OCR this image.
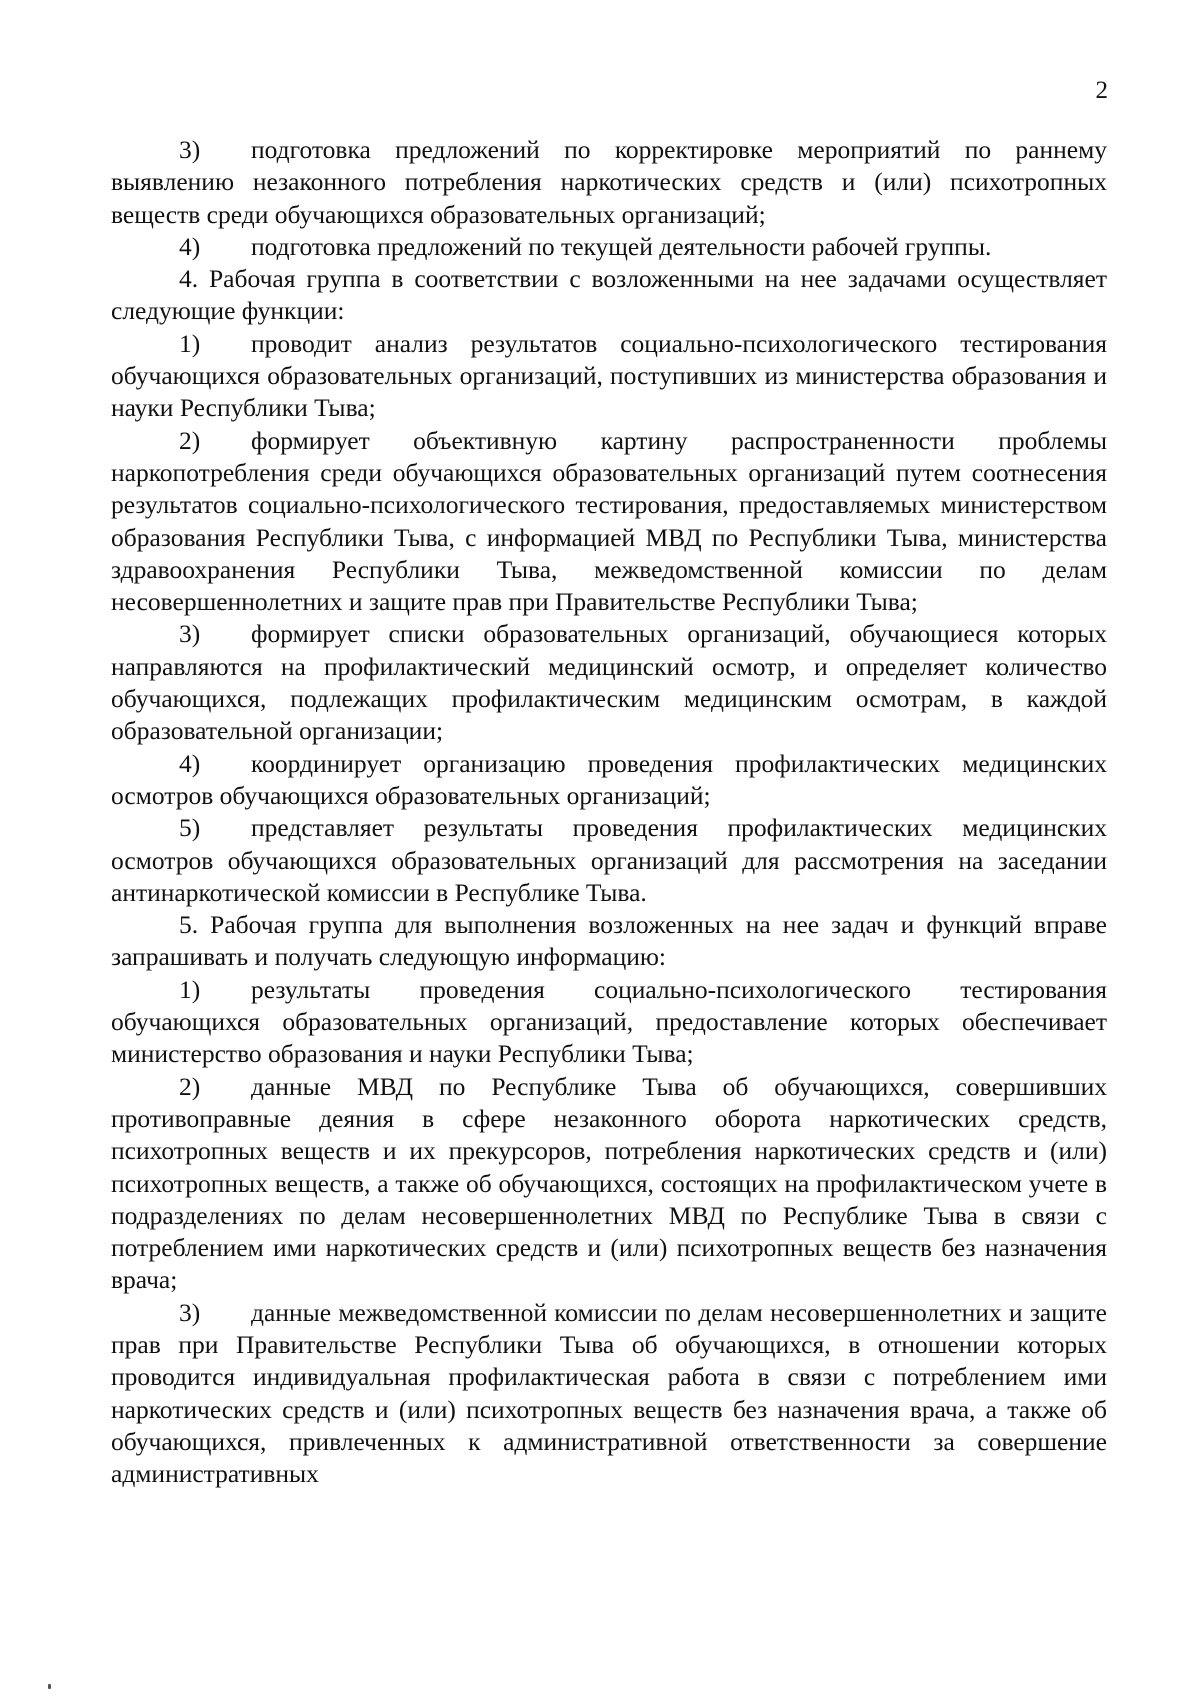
2

3) подготовка предложений по корректировке мероприятий по раннему выявлению незаконного потребления наркотических средств и (или) психотропных веществ среди обучающихся образовательных организаций;

4) подготовка предложений по текущей деятельности рабочей группы.

4. Рабочая группа в соответствии с возложенными на нее задачами осуществляет следующие функции:

1) проводит анализ результатов социально-психологического тестирования обучающихся образовательных организаций, поступивших из министерства образования и науки Республики Тыва;

2) формирует объективную картину распространенности проблемы наркопотребления среди обучающихся образовательных организаций путем соотнесения результатов социально-психологического тестирования, предоставляемых министерством образования Республики Тыва, с информацией МВД по Республики Тыва, министерства здравоохранения Республики Тыва, межведомственной комиссии по делам несовершеннолетних и защите прав при Правительстве Республики Тыва;

3) формирует списки образовательных организаций, обучающиеся которых направляются на профилактический медицинский осмотр, и определяет количество обучающихся, подлежащих профилактическим медицинским осмотрам, в каждой образовательной организации;

4) координирует организацию проведения профилактических медицинских осмотров обучающихся образовательных организаций;

5) представляет результаты проведения профилактических медицинских осмотров обучающихся образовательных организаций для рассмотрения на заседании антинаркотической комиссии в Республике Тыва.

5. Рабочая группа для выполнения возложенных на нее задач и функций вправе запрашивать и получать следующую информацию:

1) результаты проведения социально-психологического тестирования обучающихся образовательных организаций, предоставление которых обеспечивает министерство образования и науки Республики Тыва;

2) данные МВД по Республике Тыва об обучающихся, совершивших противоправные деяния в сфере незаконного оборота наркотических средств, психотропных веществ и их прекурсоров, потребления наркотических средств и (или) психотропных веществ, а также об обучающихся, состоящих на профилактическом учете в подразделениях по делам несовершеннолетних МВД по Республике Тыва в связи с потреблением ими наркотических средств и (или) психотропных веществ без назначения врача;

3) данные межведомственной комиссии по делам несовершеннолетних и защите прав при Правительстве Республики Тыва об обучающихся, в отношении которых проводится индивидуальная профилактическая работа в связи с потреблением ими наркотических средств и (или) психотропных веществ без назначения врача, а также об обучающихся, привлеченных к административной ответственности за совершение административных
